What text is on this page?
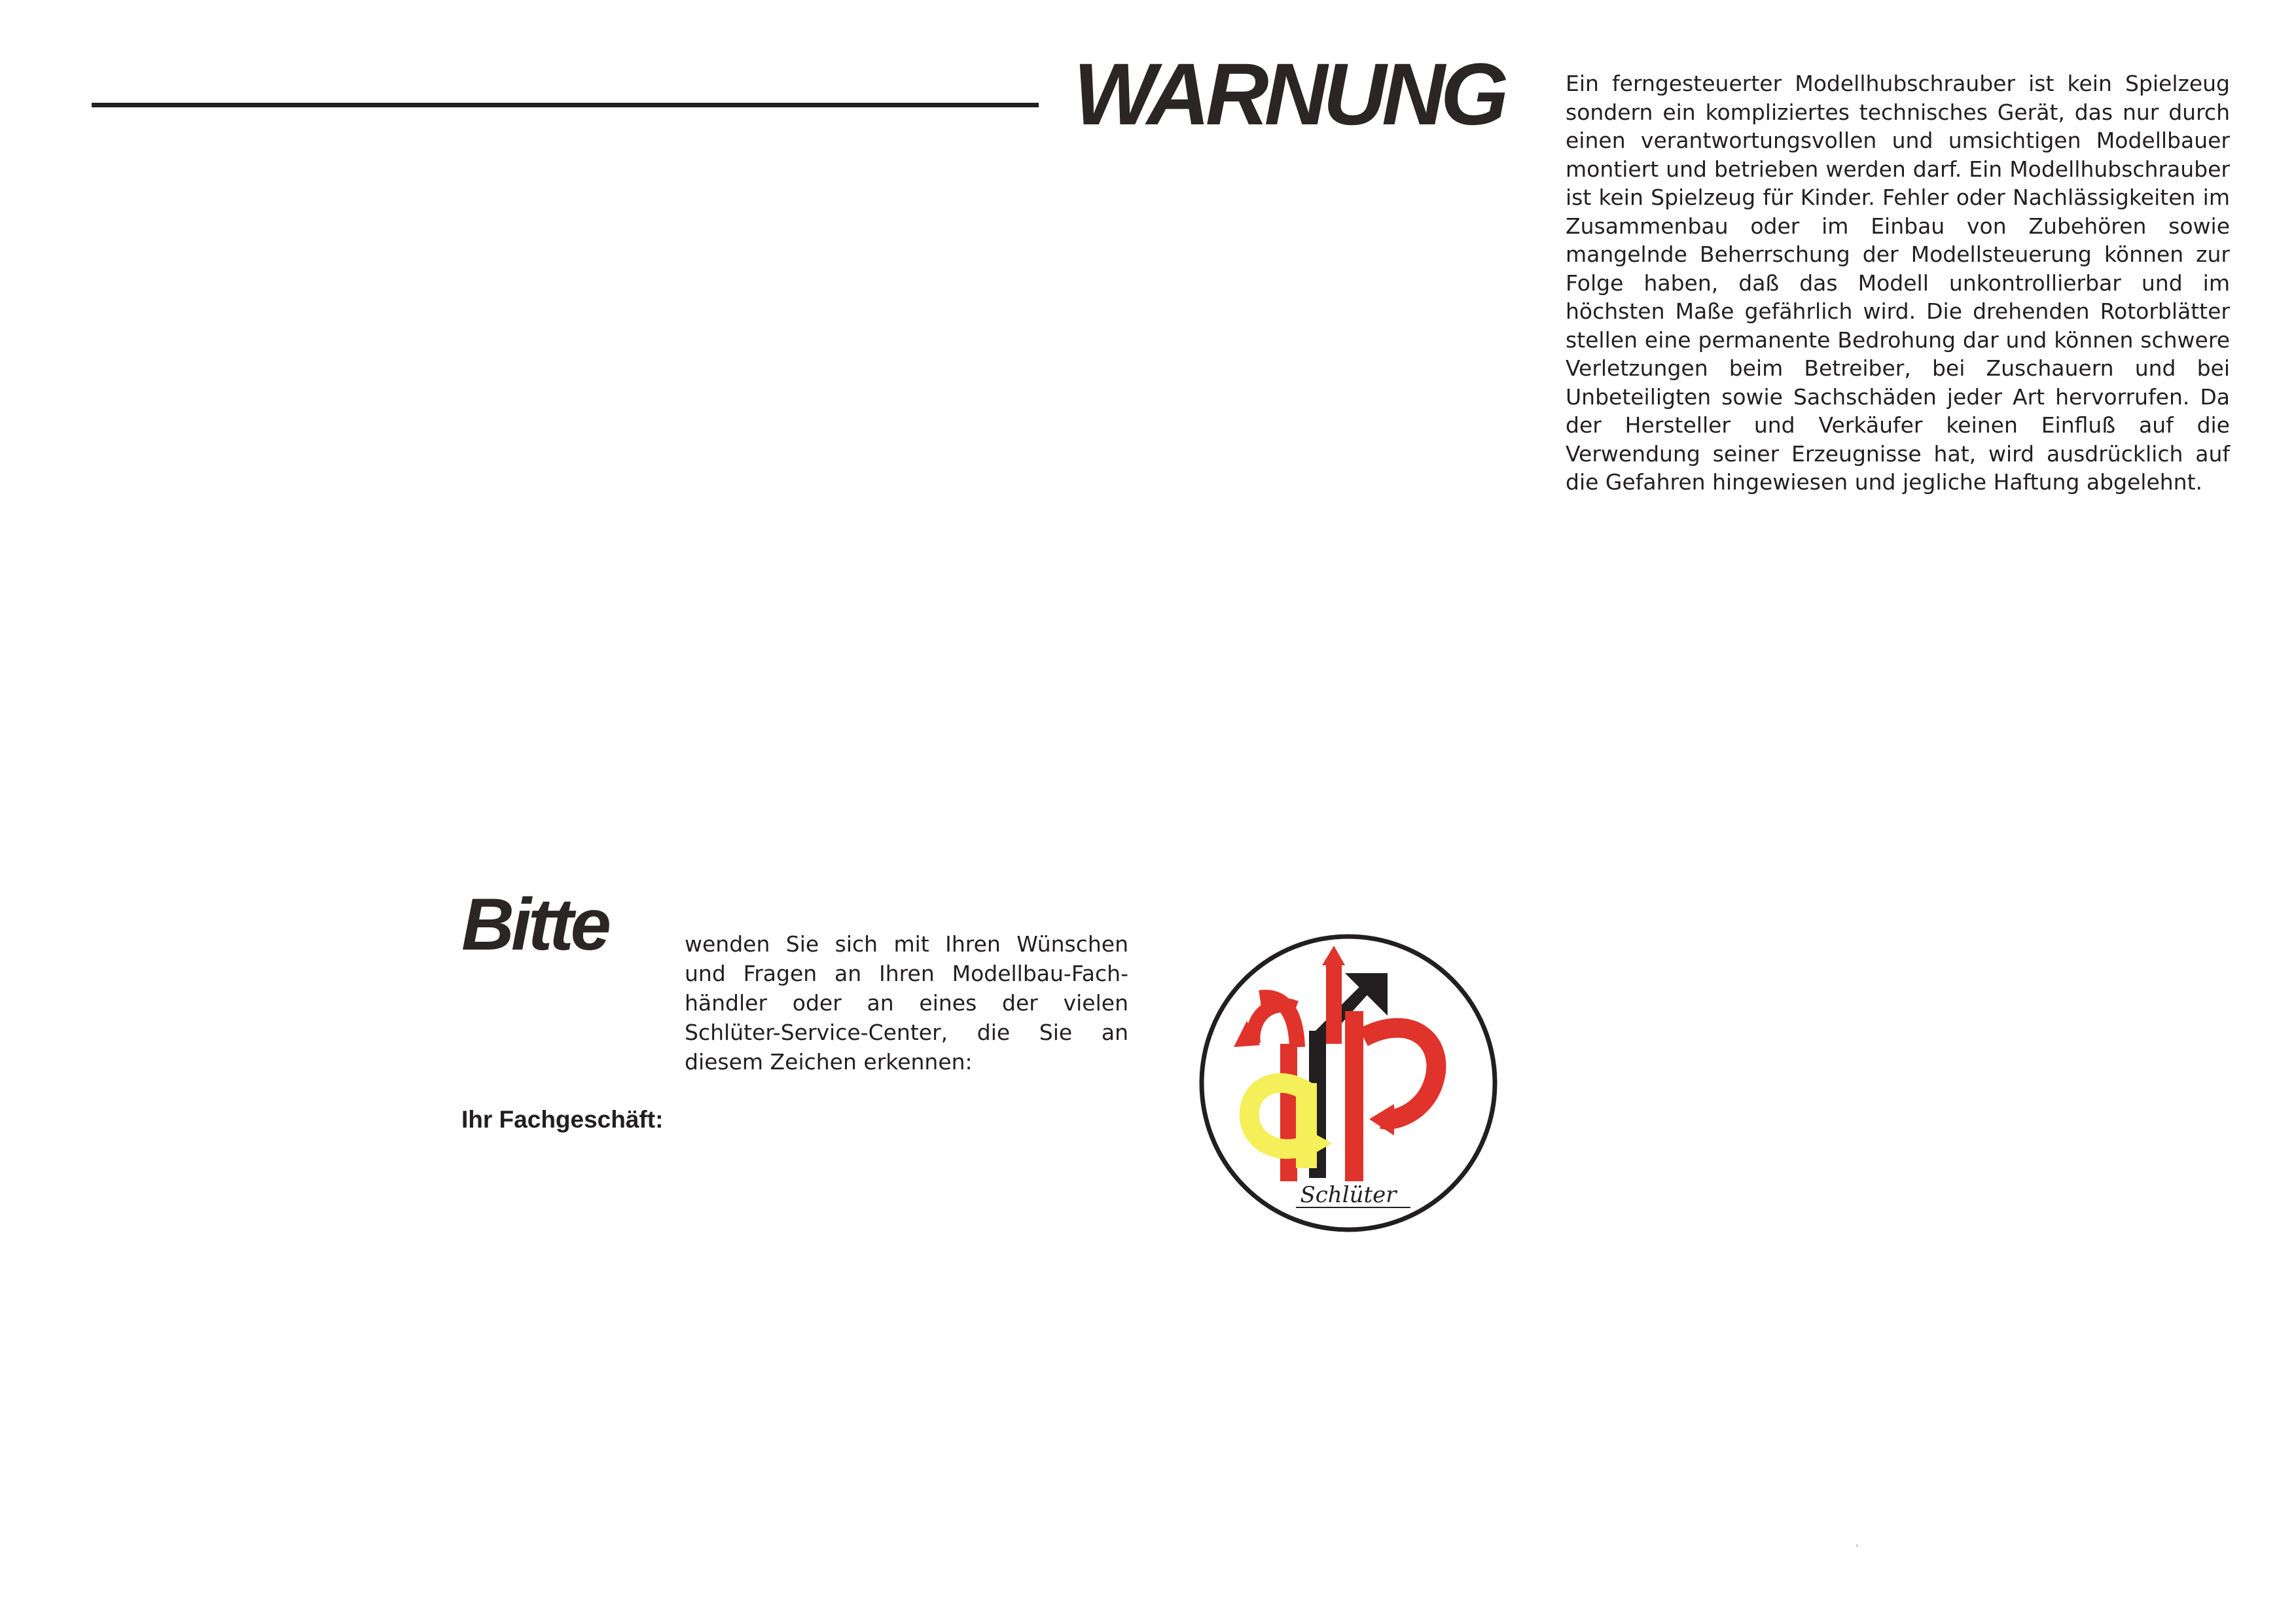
WARNUNG	Ein ferngesteuerter Modellhubschrauber ist kein Spielzeug sondern ein kompliziertes technisches Gerät, das nur durch einen verantwortungsvollen und umsichtigen Modellbauer montiert und betrieben werden darf. Ein Modellhubschrauber ist kein Spielzeug für Kinder. Fehler oder Nachlässigkeiten im Zusammenbau oder im Einbau von Zubehören sowie mangelnde Beherrschung der Modellsteuerung können zur Folge haben, daß das Modell unkontrollierbar und im höchsten Maße gefährlich wird. Die drehenden Rotorblätter stellen eine permanente Bedrohung dar und können schwere Verletzungen beim Betreiber, bei Zuschauern und bei Unbeteiligten sowie Sachschäden jeder Art hervorrufen. Da der Hersteller und Verkäufer keinen Einfluß auf die Verwendung seiner Erzeugnisse hat, wird ausdrücklich auf die Gefahren hingewiesen und jegliche Haftung abgelehnt.

Bitte	wenden Sie sich mit Ihren Wünschen und Fragen an Ihren Modellbau-Fachhändler oder an eines der vielen Schlüter-Service-Center, die Sie an diesem Zeichen erkennen:

Ihr Fachgeschäft:
Schlüter
